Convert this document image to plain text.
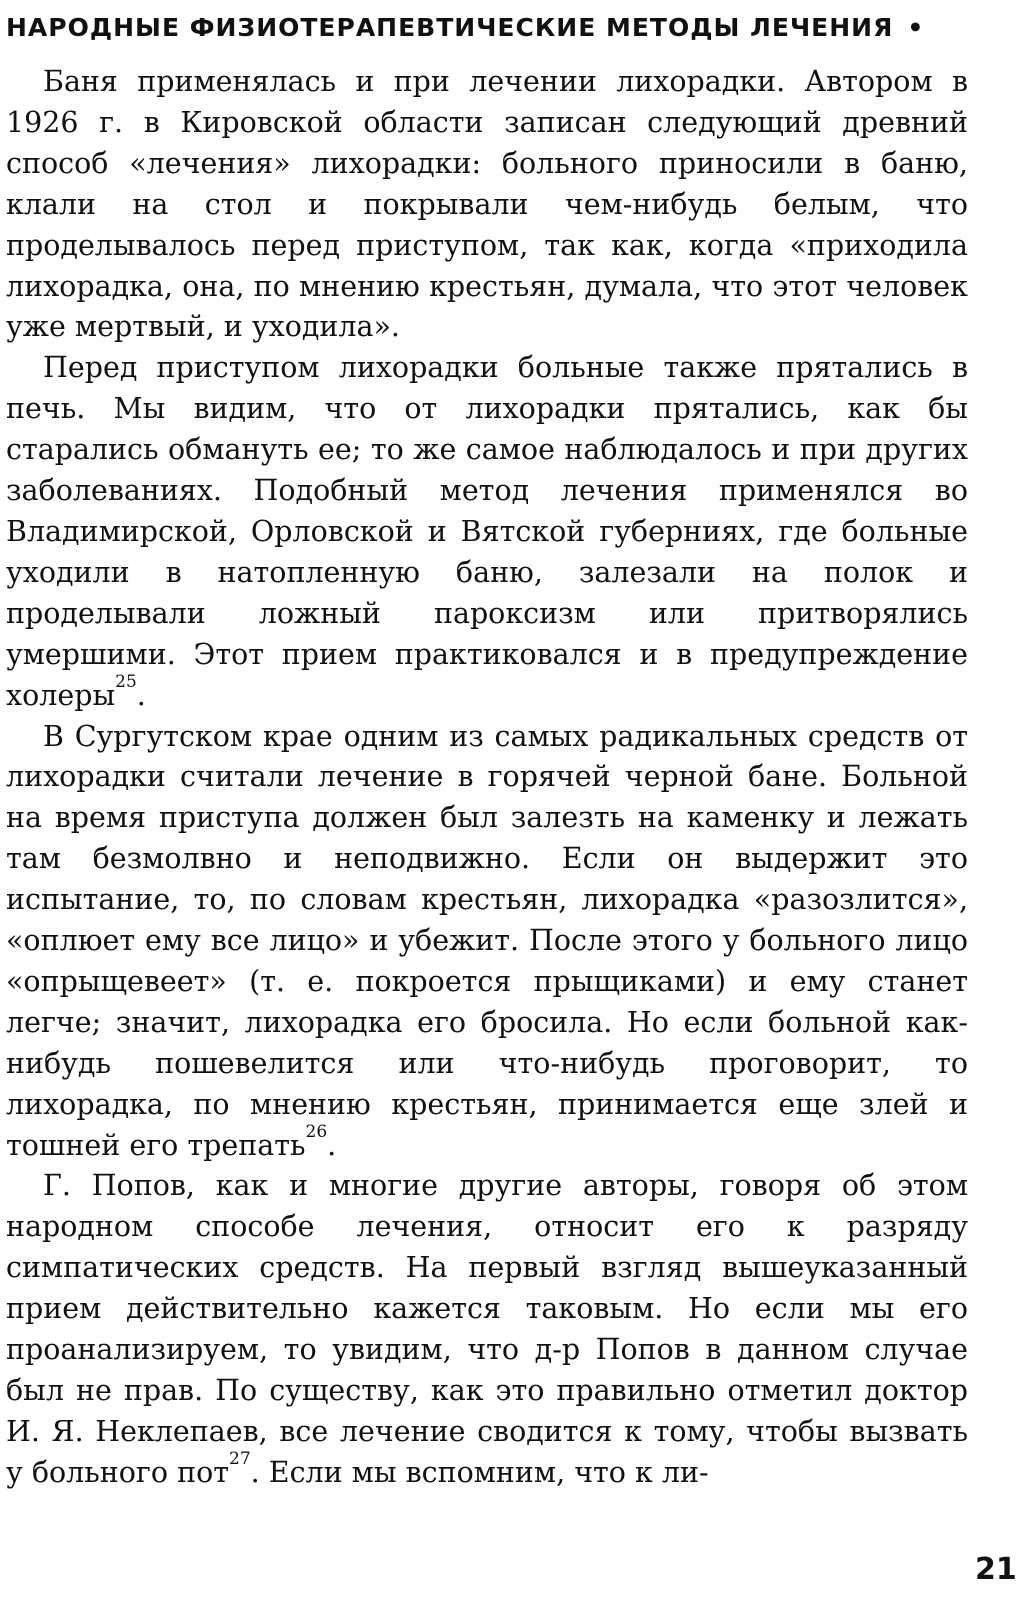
НАРОДНЫЕ ФИЗИОТЕРАПЕВТИЧЕСКИЕ МЕТОДЫ ЛЕЧЕНИЯ •

Баня применялась и при лечении лихорадки. Автором в 1926 г. в Кировской области записан следующий древний способ «лечения» лихорадки: больного приносили в баню, клали на стол и покрывали чем-нибудь белым, что проделывалось перед приступом, так как, когда «приходила лихорадка, она, по мнению крестьян, думала, что этот человек уже мертвый, и уходила».

Перед приступом лихорадки больные также прятались в печь. Мы видим, что от лихорадки прятались, как бы старались обмануть ее; то же самое наблюдалось и при других заболеваниях. Подобный метод лечения применялся во Владимирской, Орловской и Вятской губерниях, где больные уходили в натопленную баню, залезали на полок и проделывали ложный пароксизм или притворялись умершими. Этот прием практиковался и в предупреждение холеры$^{25}$.

В Сургутском крае одним из самых радикальных средств от лихорадки считали лечение в горячей черной бане. Больной на время приступа должен был залезть на каменку и лежать там безмолвно и неподвижно. Если он выдержит это испытание, то, по словам крестьян, лихорадка «разозлится», «оплюет ему все лицо» и убежит. После этого у больного лицо «опрыщевеет» (т. е. покроется прыщиками) и ему станет легче; значит, лихорадка его бросила. Но если больной как-нибудь пошевелится или что-нибудь проговорит, то лихорадка, по мнению крестьян, принимается еще злей и тошней его трепать$^{26}$.

Г. Попов, как и многие другие авторы, говоря об этом народном способе лечения, относит его к разряду симпатических средств. На первый взгляд вышеуказанный прием действительно кажется таковым. Но если мы его проанализируем, то увидим, что д-р Попов в данном случае был не прав. По существу, как это правильно отметил доктор И. Я. Неклепаев, все лечение сводится к тому, чтобы вызвать у больного пот$^{27}$. Если мы вспомним, что к ли-

21
